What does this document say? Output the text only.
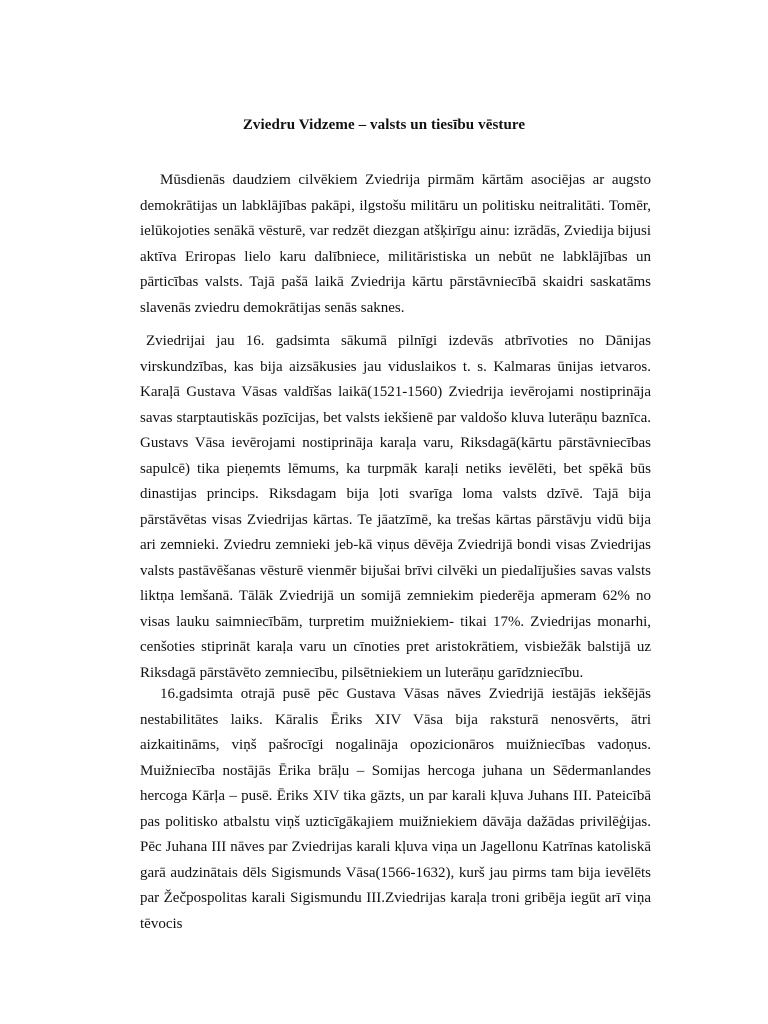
Zviedru Vidzeme – valsts un tiesību vēsture

Mūsdienās daudziem cilvēkiem Zviedrija pirmām kārtām asociējas ar augsto demokrātijas un labklājības pakāpi, ilgstošu militāru un politisku neitralitāti. Tomēr, ielūkojoties senākā vēsturē, var redzēt diezgan atšķirīgu ainu: izrādās, Zviedija bijusi aktīva Eriropas lielo karu dalībniece, militāristiska un nebūt ne labklājības un pārticības valsts. Tajā pašā laikā Zviedrija kārtu pārstāvniecībā skaidri saskatāms slavenās zviedru demokrātijas senās saknes.

Zviedrijai jau 16. gadsimta sākumā pilnīgi izdevās atbrīvoties no Dānijas virskundzības, kas bija aizsākusies jau viduslaikos t. s. Kalmaras ūnijas ietvaros. Karaļā Gustava Vāsas valdīšas laikā(1521-1560) Zviedrija ievērojami nostiprināja savas starptautiskās pozīcijas, bet valsts iekšienē par valdošo kluva luterāņu baznīca. Gustavs Vāsa ievērojami nostiprināja karaļa varu, Riksdagā(kārtu pārstāvniecības sapulcē) tika pieņemts lēmums, ka turpmāk karaļi netiks ievēlēti, bet spēkā būs dinastijas princips. Riksdagam bija ļoti svarīga loma valsts dzīvē. Tajā bija pārstāvētas visas Zviedrijas kārtas. Te jāatzīmē, ka trešas kārtas pārstāvju vidū bija ari zemnieki. Zviedru zemnieki jeb-kā viņus dēvēja Zviedrijā bondi visas Zviedrijas valsts pastāvēšanas vēsturē vienmēr bijušai brīvi cilvēki un piedalījušies savas valsts liktņa lemšanā. Tālāk Zviedrijā un somijā zemniekim piederēja apmeram 62% no visas lauku saimniecībām, turpretim muižniekiem- tikai 17%. Zviedrijas monarhi, cenšoties stiprināt karaļa varu un cīnoties pret aristokrātiem, visbiežāk balstijā uz Riksdagā pārstāvēto zemniecību, pilsētniekiem un luterāņu garīdzniecību.

16.gadsimta otrajā pusē pēc Gustava Vāsas nāves Zviedrijā iestājās iekšējās nestabilitātes laiks. Kāralis Ēriks XIV Vāsa bija raksturā nenosvērts, ātri aizkaitināms, viņš pašrocīgi nogalināja opozicionāros muižniecības vadoņus. Muižniecība nostājās Ērika brāļu – Somijas hercoga juhana un Sēdermanlandes hercoga Kārļa – pusē. Ēriks XIV tika gāzts, un par karali kļuva Juhans III. Pateicībā pas politisko atbalstu viņš uzticīgākajiem muižniekiem dāvāja dažādas privilēģijas. Pēc Juhana III nāves par Zviedrijas karali kļuva viņa un Jagellonu Katrīnas katoliskā garā audzinātais dēls Sigismunds Vāsa(1566-1632), kurš jau pirms tam bija ievēlēts par Žečpospolitas karali Sigismundu III.Zviedrijas karaļa troni gribēja iegūt arī viņa tēvocis
